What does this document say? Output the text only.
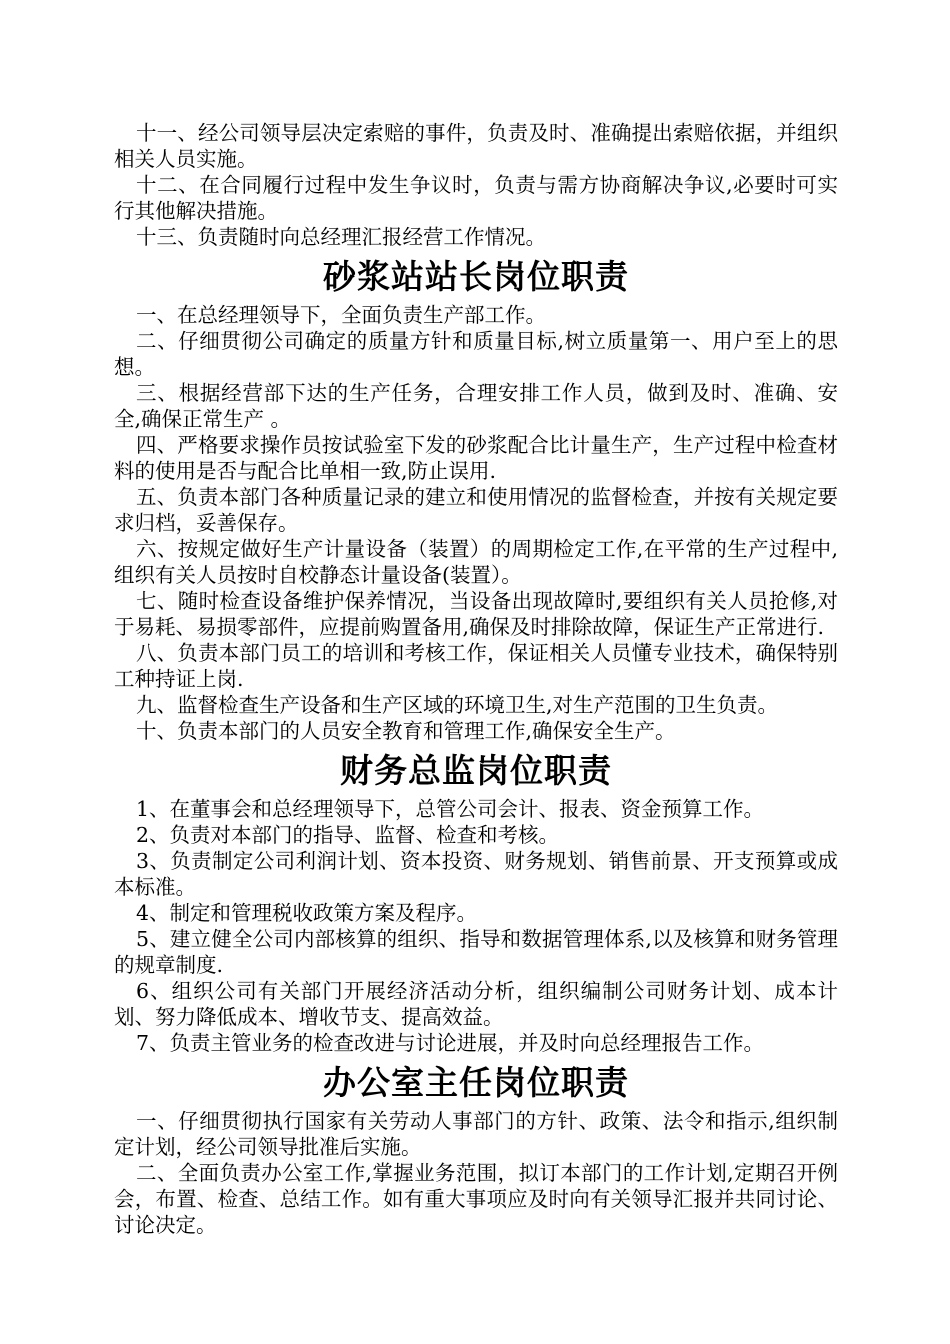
十一、经公司领导层决定索赔的事件，负责及时、准确提出索赔依据，并组织相关人员实施。

十二、在合同履行过程中发生争议时，负责与需方协商解决争议,必要时可实行其他解决措施。

十三、负责随时向总经理汇报经营工作情况。

砂浆站站长岗位职责

一、在总经理领导下，全面负责生产部工作。

二、仔细贯彻公司确定的质量方针和质量目标,树立质量第一、用户至上的思想。

三、根据经营部下达的生产任务，合理安排工作人员，做到及时、准确、安全,确保正常生产 。

四、严格要求操作员按试验室下发的砂浆配合比计量生产，生产过程中检查材料的使用是否与配合比单相一致,防止误用.

五、负责本部门各种质量记录的建立和使用情况的监督检查，并按有关规定要求归档，妥善保存。

六、按规定做好生产计量设备（装置）的周期检定工作,在平常的生产过程中,组织有关人员按时自校静态计量设备(装置）。

七、随时检查设备维护保养情况，当设备出现故障时,要组织有关人员抢修,对于易耗、易损零部件，应提前购置备用,确保及时排除故障，保证生产正常进行.

八、负责本部门员工的培训和考核工作，保证相关人员懂专业技术，确保特别工种持证上岗.

九、监督检查生产设备和生产区域的环境卫生,对生产范围的卫生负责。

十、负责本部门的人员安全教育和管理工作,确保安全生产。

财务总监岗位职责

1、在董事会和总经理领导下，总管公司会计、报表、资金预算工作。

2、负责对本部门的指导、监督、检查和考核。

3、负责制定公司利润计划、资本投资、财务规划、销售前景、开支预算或成本标准。

4、制定和管理税收政策方案及程序。

5、建立健全公司内部核算的组织、指导和数据管理体系,以及核算和财务管理的规章制度.

6、组织公司有关部门开展经济活动分析，组织编制公司财务计划、成本计划、努力降低成本、增收节支、提高效益。

7、负责主管业务的检查改进与讨论进展，并及时向总经理报告工作。

办公室主任岗位职责

一、仔细贯彻执行国家有关劳动人事部门的方针、政策、法令和指示,组织制定计划，经公司领导批准后实施。

二、全面负责办公室工作,掌握业务范围，拟订本部门的工作计划,定期召开例会，布置、检查、总结工作。如有重大事项应及时向有关领导汇报并共同讨论、讨论决定。
